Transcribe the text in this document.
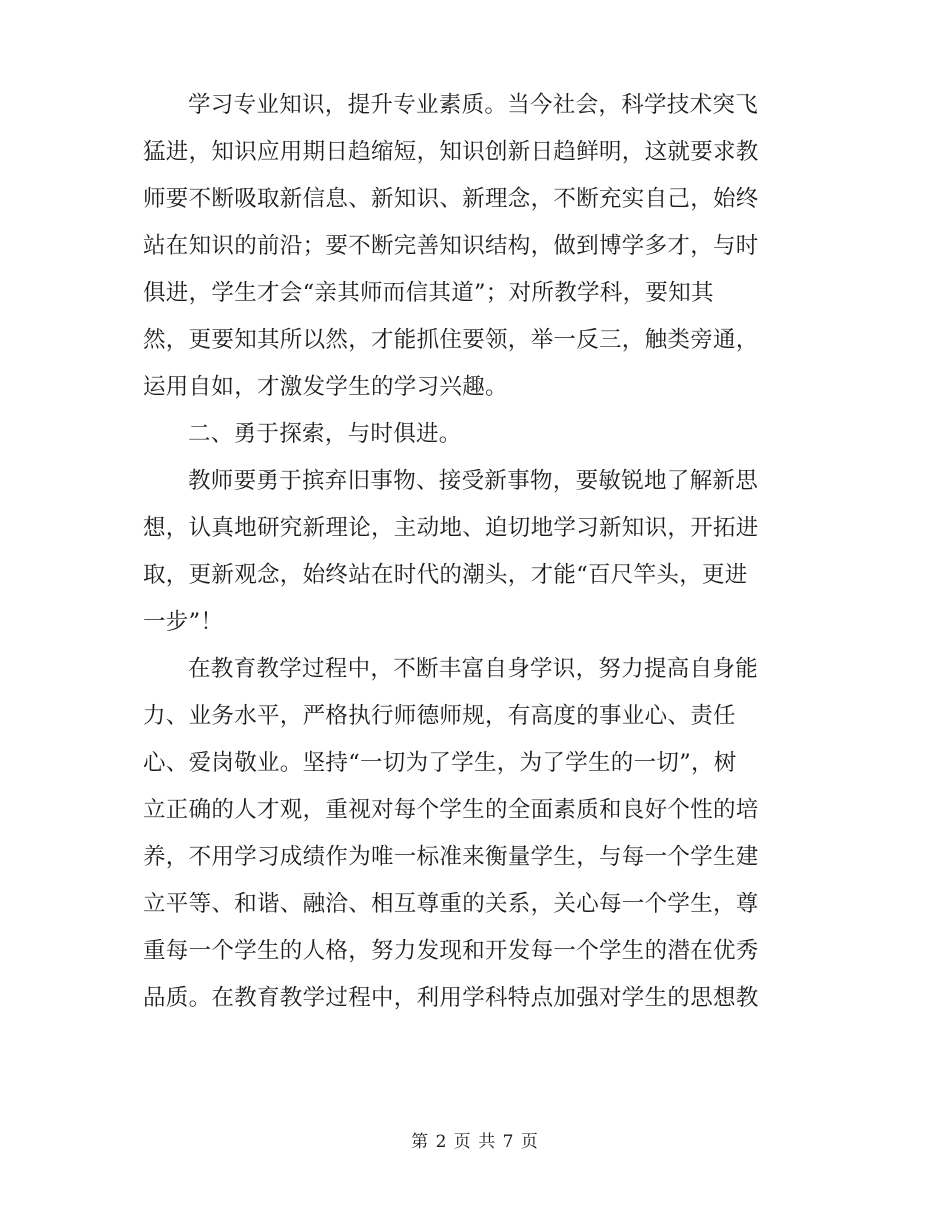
学习专业知识，提升专业素质。当今社会，科学技术突飞
猛进，知识应用期日趋缩短，知识创新日趋鲜明，这就要求教
师要不断吸取新信息、新知识、新理念，不断充实自己，始终
站在知识的前沿；要不断完善知识结构，做到博学多才，与时
俱进，学生才会“亲其师而信其道”；对所教学科，要知其
然，更要知其所以然，才能抓住要领，举一反三，触类旁通，
运用自如，才激发学生的学习兴趣。
二、勇于探索，与时俱进。
教师要勇于摈弃旧事物、接受新事物，要敏锐地了解新思
想，认真地研究新理论，主动地、迫切地学习新知识，开拓进
取，更新观念，始终站在时代的潮头，才能“百尺竿头，更进
一步”！
在教育教学过程中，不断丰富自身学识，努力提高自身能
力、业务水平，严格执行师德师规，有高度的事业心、责任
心、爱岗敬业。坚持“一切为了学生，为了学生的一切”，树
立正确的人才观，重视对每个学生的全面素质和良好个性的培
养，不用学习成绩作为唯一标准来衡量学生，与每一个学生建
立平等、和谐、融洽、相互尊重的关系，关心每一个学生，尊
重每一个学生的人格，努力发现和开发每一个学生的潜在优秀
品质。在教育教学过程中，利用学科特点加强对学生的思想教
第 2 页 共 7 页
